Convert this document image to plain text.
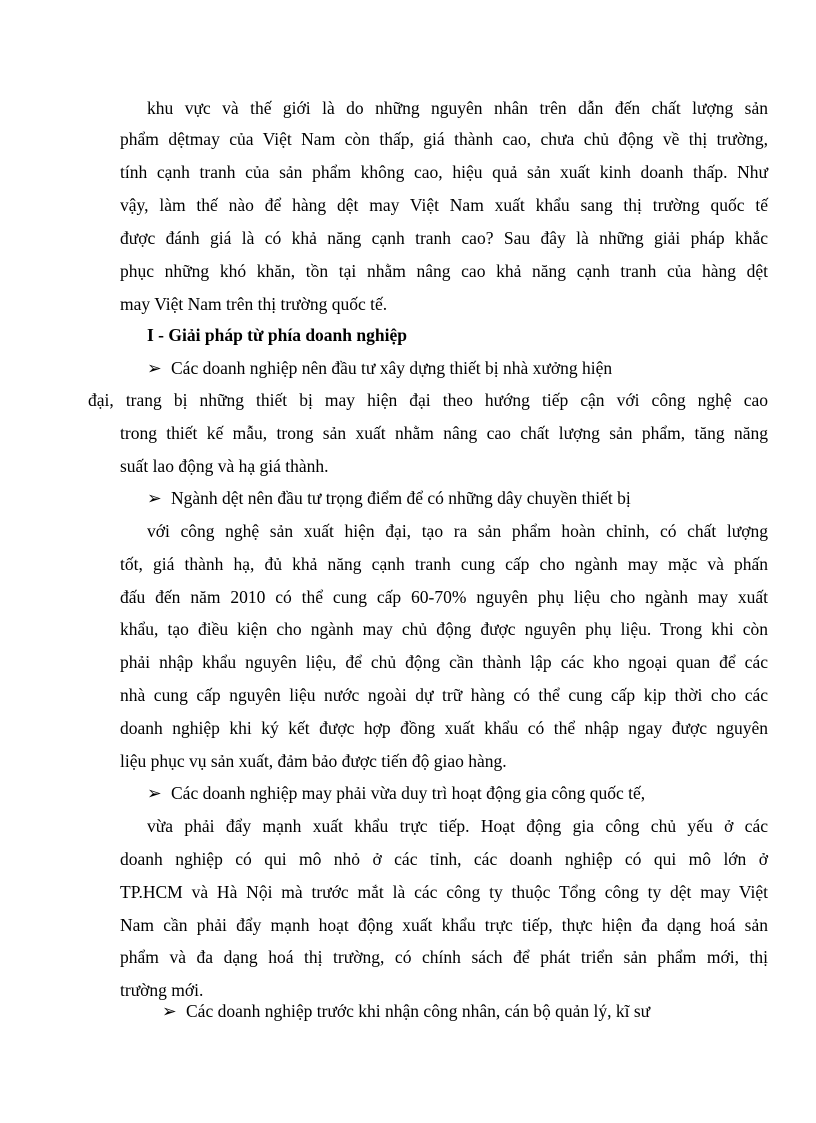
khu vực và thế giới là do những nguyên nhân trên dẫn đến chất lượng sản
phẩm dệtmay của Việt Nam còn thấp, giá thành cao, chưa chủ động về thị trường,
tính cạnh tranh của sản phẩm không cao, hiệu quả sản xuất kinh doanh thấp. Như
vậy, làm thế nào để hàng dệt may Việt Nam xuất khẩu sang thị trường quốc tế
được đánh giá là có khả năng cạnh tranh cao? Sau đây là những giải pháp khắc
phục những khó khăn, tồn tại nhằm nâng cao khả năng cạnh tranh của hàng dệt
may Việt Nam trên thị trường quốc tế.
I - Giải pháp từ phía doanh nghiệp
➢ Các doanh nghiệp nên đầu tư xây dựng thiết bị nhà xưởng hiện
đại, trang bị những thiết bị may hiện đại theo hướng tiếp cận với công nghệ cao
trong thiết kế mẫu, trong sản xuất nhằm nâng cao chất lượng sản phẩm, tăng năng
suất lao động và hạ giá thành.
➢ Ngành dệt nên đầu tư trọng điểm để có những dây chuyền thiết bị
với công nghệ sản xuất hiện đại, tạo ra sản phẩm hoàn chỉnh, có chất lượng
tốt, giá thành hạ, đủ khả năng cạnh tranh cung cấp cho ngành may mặc và phấn
đấu đến năm 2010 có thể cung cấp 60-70% nguyên phụ liệu cho ngành may xuất
khẩu, tạo điều kiện cho ngành may chủ động được nguyên phụ liệu. Trong khi còn
phải nhập khẩu nguyên liệu, để chủ động cần thành lập các kho ngoại quan để các
nhà cung cấp nguyên liệu nước ngoài dự trữ hàng có thể cung cấp kịp thời cho các
doanh nghiệp khi ký kết được hợp đồng xuất khẩu có thể nhập ngay được nguyên
liệu phục vụ sản xuất, đảm bảo được tiến độ giao hàng.
➢ Các doanh nghiệp may phải vừa duy trì hoạt động gia công quốc tế,
vừa phải đẩy mạnh xuất khẩu trực tiếp. Hoạt động gia công chủ yếu ở các
doanh nghiệp có qui mô nhỏ ở các tỉnh, các doanh nghiệp có qui mô lớn ở
TP.HCM và Hà Nội mà trước mắt là các công ty thuộc Tổng công ty dệt may Việt
Nam cần phải đẩy mạnh hoạt động xuất khẩu trực tiếp, thực hiện đa dạng hoá sản
phẩm và đa dạng hoá thị trường, có chính sách để phát triển sản phẩm mới, thị
trường mới.
➢ Các doanh nghiệp trước khi nhận công nhân, cán bộ quản lý, kĩ sư
